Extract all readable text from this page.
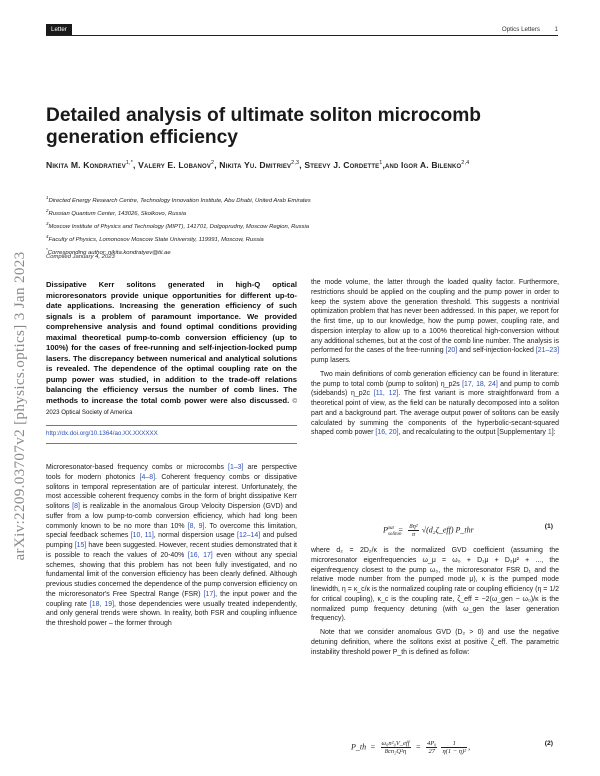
Letter	Optics Letters 1
arXiv:2209.03707v2 [physics.optics] 3 Jan 2023
Detailed analysis of ultimate soliton microcomb generation efficiency
Nikita M. Kondratiev$^{1,*}$, Valery E. Lobanov$^2$, Nikita Yu. Dmitriev$^{2,3}$, Steevy J. Cordette$^1$,and Igor A. Bilenko$^{2,4}$
$^1$Directed Energy Research Centre, Technology Innovation Institute, Abu Dhabi, United Arab Emirates
$^2$Russian Quantum Center, 143026, Skolkovo, Russia
$^3$Moscow Institute of Physics and Technology (MIPT), 141701, Dolgoprudny, Moscow Region, Russia
$^4$Faculty of Physics, Lomonosov Moscow State University, 119991, Moscow, Russia
*Corresponding author: nikita.kondratyev@tii.ae
Compiled January 4, 2023
Dissipative Kerr solitons generated in high-Q optical microresonators provide unique opportunities for different up-to-date applications. Increasing the generation efficiency of such signals is a problem of paramount importance. We provided comprehensive analysis and found optimal conditions providing maximal theoretical pump-to-comb conversion efficiency (up to 100%) for the cases of free-running and self-injection-locked pump lasers. The discrepancy between numerical and analytical solutions is revealed. The dependence of the optimal coupling rate on the pump power was studied, in addition to the trade-off relations balancing the efficiency versus the number of comb lines. The methods to increase the total comb power were also discussed. © 2023 Optical Society of America
http://dx.doi.org/10.1364/ao.XX.XXXXXX

Microresonator-based frequency combs or microcombs [1–3] are perspective tools for modern photonics [4–8]. Coherent frequency combs or dissipative solitons in temporal representation are of particular interest. Unfortunately, the most accessible coherent frequency combs in the form of bright dissipative Kerr solitons [8] is realizable in the anomalous Group Velocity Dispersion (GVD) and suffer from a low pump-to-comb conversion efficiency, which had long been commonly known to be no more than 10% [8, 9]. To overcome this limitation, special feedback schemes [10, 11], normal dispersion usage [12–14] and pulsed pumping [15] have been suggested. However, recent studies demonstrated that it is possible to reach the values of 20-40% [16, 17] even without any special schemes, showing that this problem has not been fully investigated, and no fundamental limit of the conversion efficiency has been clearly defined. Although previous studies concerned the dependence of the pump conversion efficiency on the microresonator's Free Spectral Range (FSR) [17], the input power and the coupling rate [18, 19], those dependencies were usually treated independently, and only general trends were shown. In reality, both FSR and coupling influence the threshold power – the former through

the mode volume, the latter through the loaded quality factor. Furthermore, restrictions should be applied on the coupling and the pump power in order to keep the system above the generation threshold. This suggests a nontrivial optimization problem that has never been addressed. In this paper, we report for the first time, up to our knowledge, how the pump power, coupling rate, and dispersion interplay to allow up to a 100% theoretical high-conversion without any additional schemes, but at the cost of the comb line number. The analysis is performed for the cases of the free-running [20] and self-injection-locked [21–23] pump lasers.

Two main definitions of comb generation efficiency can be found in literature: the pump to total comb (pump to soliton) η_p2s [17, 18, 24] and pump to comb (sidebands) η_p2c [11, 12]. The first variant is more straightforward from a theoretical point of view, as the field can be naturally decomposed into a soliton part and a background part. The average output power of solitons can be easily calculated by summing the components of the hyperbolic-secant-squared shaped comb power [16, 20], and recalculating to the output [Supplementary 1]:

$P_{soliton}^{out} = \frac{\text{8η²}}{\pi}$ √(d₂ζ_eff) P_thr	(1)

where d₂ = 2D₂/κ is the normalized GVD coefficient (assuming the microresonator eigenfrequencies ω_μ = ω₀ + D₁μ + D₂μ² + ..., the eigenfrequency closest to the pump ω₀, the microresonator FSR D₁ and the relative mode number from the pumped mode μ), κ is the pumped mode linewidth, η = κ_c/κ is the normalized coupling rate or coupling efficiency (η = 1/2 for critical coupling), κ_c is the coupling rate, ζ_eff = −2(ω_gen − ω₀)/κ is the normalized pump frequency detuning (with ω_gen the laser generation frequency).

Note that we consider anomalous GVD (D₂ > 0) and use the negative detuning definition, where the solitons exist at positive ζ_eff. The parametric instability threshold power P_th is defined as follow:

P_th  = $\frac{\text{ω₀n²₀V\_eff}}{\text{8cn₂Q²η}} = \frac{\text{4P₀}}{27}$
$\frac{1}{\text{η(1 − η)²}}$ ,	(2)
